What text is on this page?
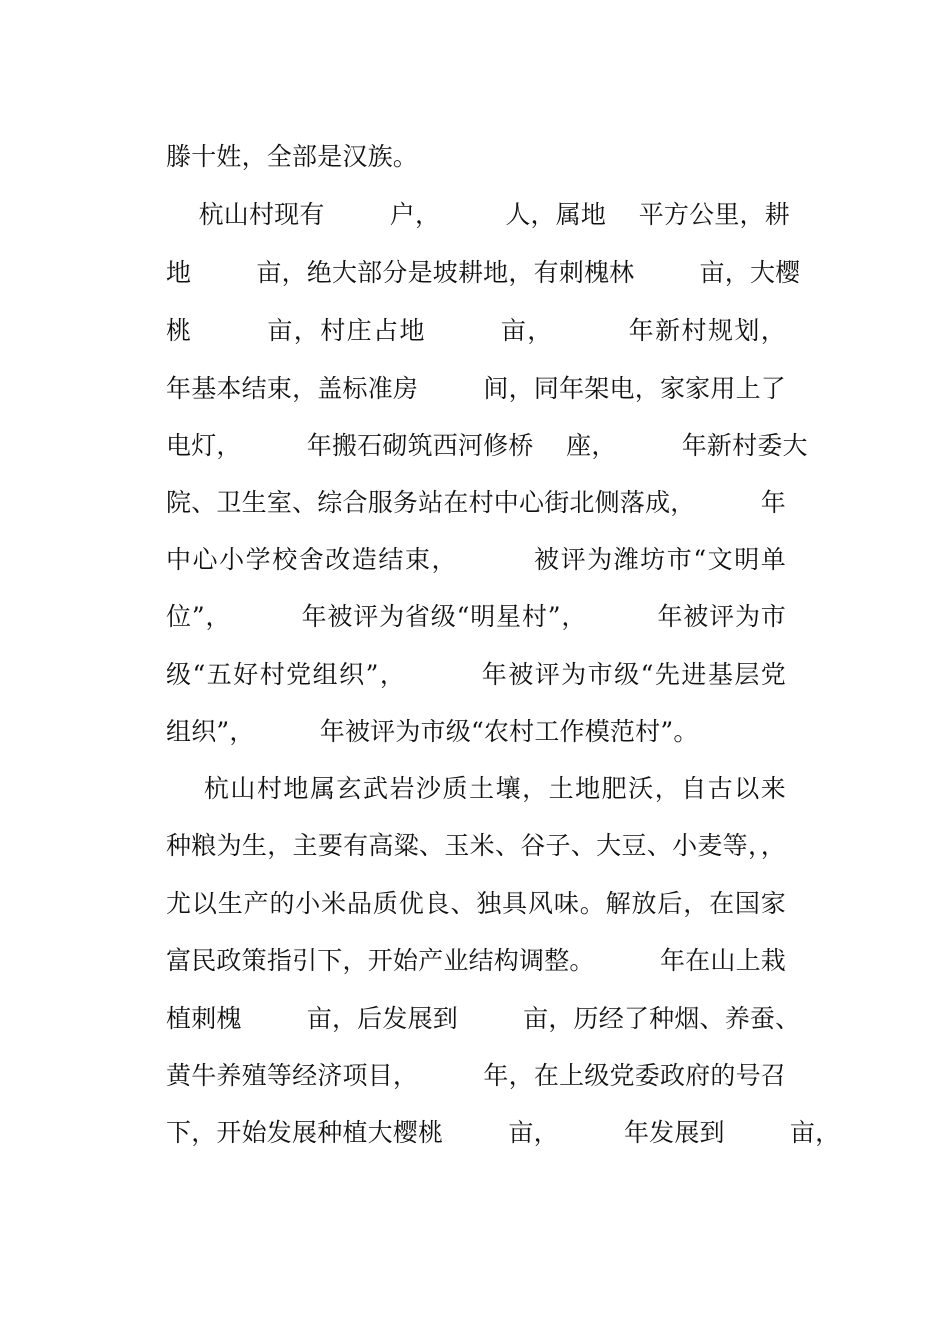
滕十姓，全部是汉族。
杭山村现有        户，        人，属地    平方公里，耕
地        亩，绝大部分是坡耕地，有刺槐林        亩，大樱
桃        亩，村庄占地        亩，        年新村规划，
年基本结束，盖标准房        间，同年架电，家家用上了
电灯，        年搬石砌筑西河修桥    座，        年新村委大
院、卫生室、综合服务站在村中心街北侧落成，        年
中心小学校舍改造结束，        被评为潍坊市“文明单
位”，        年被评为省级“明星村”，        年被评为市
级“五好村党组织”，        年被评为市级“先进基层党
组织”，        年被评为市级“农村工作模范村”。
杭山村地属玄武岩沙质土壤，土地肥沃，自古以来
种粮为生，主要有高粱、玉米、谷子、大豆、小麦等，，
尤以生产的小米品质优良、独具风味。解放后，在国家
富民政策指引下，开始产业结构调整。        年在山上栽
植刺槐        亩，后发展到        亩，历经了种烟、养蚕、
黄牛养殖等经济项目，        年，在上级党委政府的号召
下，开始发展种植大樱桃        亩，        年发展到        亩，
